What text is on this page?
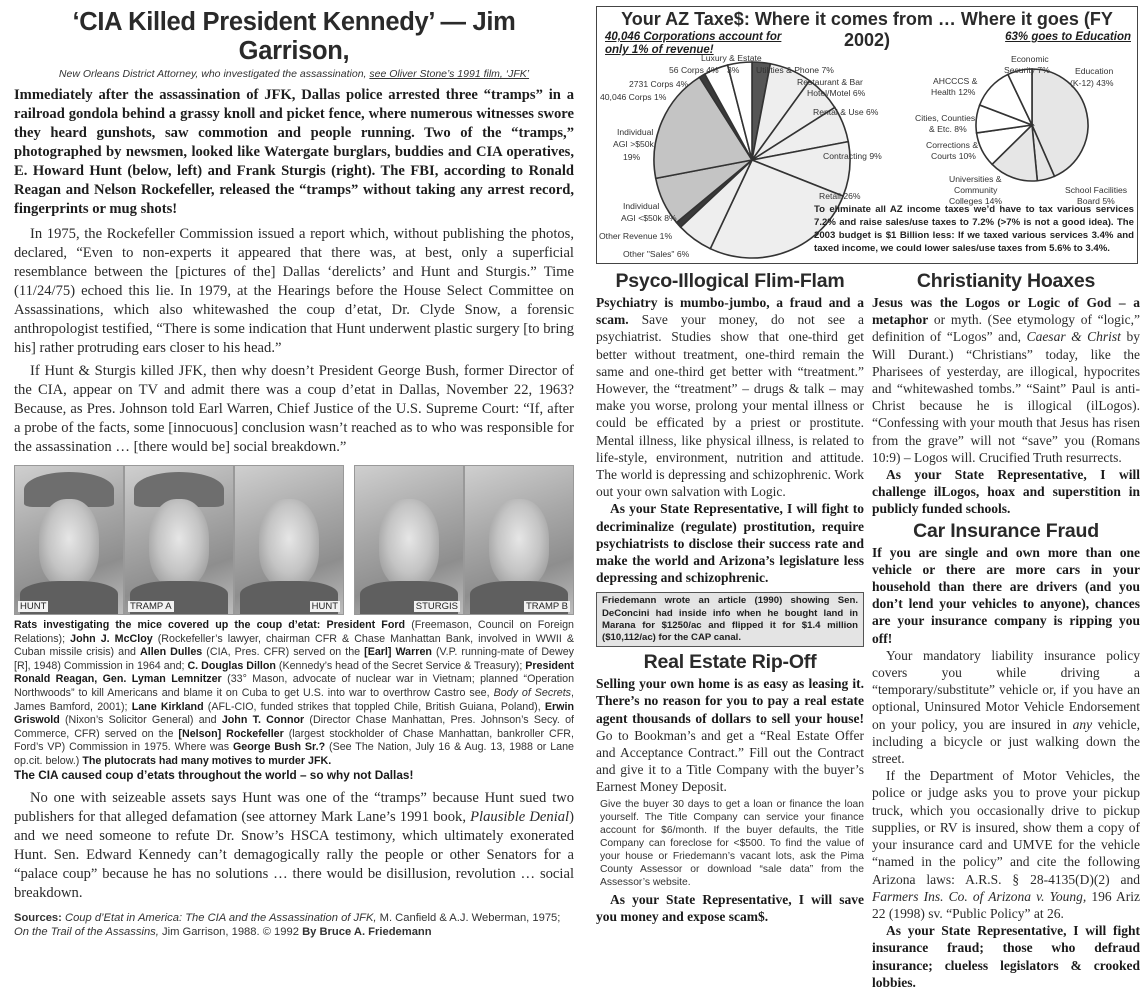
‘CIA Killed President Kennedy’ — Jim Garrison,

New Orleans District Attorney, who investigated the assassination, see Oliver Stone’s 1991 film, ‘JFK’

Immediately after the assassination of JFK, Dallas police arrested three “tramps” in a railroad gondola behind a grassy knoll and picket fence, where numerous witnesses swore they heard gunshots, saw commotion and people running. Two of the “tramps,” photographed by newsmen, looked like Watergate burglars, buddies and CIA operatives, E. Howard Hunt (below, left) and Frank Sturgis (right). The FBI, according to Ronald Reagan and Nelson Rockefeller, released the “tramps” without taking any arrest record, fingerprints or mug shots!

In 1975, the Rockefeller Commission issued a report which, without publishing the photos, declared, “Even to non-experts it appeared that there was, at best, only a superficial resemblance between the [pictures of the] Dallas ‘derelicts’ and Hunt and Sturgis.” Time (11/24/75) echoed this lie. In 1979, at the Hearings before the House Select Committee on Assassinations, which also whitewashed the coup d’etat, Dr. Clyde Snow, a forensic anthropologist testified, “There is some indication that Hunt underwent plastic surgery [to bring his] rather protruding ears closer to his head.”

If Hunt & Sturgis killed JFK, then why doesn’t President George Bush, former Director of the CIA, appear on TV and admit there was a coup d’etat in Dallas, November 22, 1963? Because, as Pres. Johnson told Earl Warren, Chief Justice of the U.S. Supreme Court: “If, after a probe of the facts, some [innocuous] conclusion wasn’t reached as to who was responsible for the assassination … [there would be] social breakdown.”

HUNT	TRAMP A	HUNT	STURGIS	TRAMP B

Rats investigating the mice covered up the coup d’etat: President Ford (Freemason, Council on Foreign Relations); John J. McCloy (Rockefeller’s lawyer, chairman CFR & Chase Manhattan Bank, involved in WWII & Cuban missile crisis) and Allen Dulles (CIA, Pres. CFR) served on the [Earl] Warren (V.P. running-mate of Dewey [R], 1948) Commission in 1964 and; C. Douglas Dillon (Kennedy’s head of the Secret Service & Treasury); President Ronald Reagan, Gen. Lyman Lemnitzer (33° Mason, advocate of nuclear war in Vietnam; planned “Operation Northwoods” to kill Americans and blame it on Cuba to get U.S. into war to overthrow Castro see, Body of Secrets, James Bamford, 2001); Lane Kirkland (AFL-CIO, funded strikes that toppled Chile, British Guiana, Poland), Erwin Griswold (Nixon’s Solicitor General) and John T. Connor (Director Chase Manhattan, Pres. Johnson’s Secy. of Commerce, CFR) served on the [Nelson] Rockefeller (largest stockholder of Chase Manhattan, bankroller CFR, Ford’s VP) Commission in 1975. Where was George Bush Sr.? (See The Nation, July 16 & Aug. 13, 1988 or Lane op.cit. below.) The plutocrats had many motives to murder JFK.
The CIA caused coup d’etats throughout the world – so why not Dallas!

No one with seizeable assets says Hunt was one of the “tramps” because Hunt sued two publishers for that alleged defamation (see attorney Mark Lane’s 1991 book, Plausible Denial) and we need someone to refute Dr. Snow’s HSCA testimony, which ultimately exonerated Hunt. Sen. Edward Kennedy can’t demagogically rally the people or other Senators for a “palace coup” because he has no solutions … there would be disillusion, revolution … social breakdown.

Sources: Coup d’Etat in America: The CIA and the Assassination of JFK, M. Canfield & A.J. Weberman, 1975; On the Trail of the Assassins, Jim Garrison, 1988. © 1992 By Bruce A. Friedemann

Your AZ Taxe$: Where it comes from … Where it goes (FY 2002)
40,046 Corporations account for only 1% of revenue!
63% goes to Education
Luxury & Estate
3%
56 Corps 4%
2731 Corps 4%
40,046 Corps 1%
Utilities & Phone 7%
Restaurant & Bar
Hotel/Motel 6%
Rental & Use 6%
Contracting 9%
Retail 26%
Individual
AGI >$50k
19%
Individual
AGI <$50k 8%
Other Revenue 1%
Other "Sales" 6%
Economic
Security 7%	Education
(K-12) 43%
AHCCCS &
Health 12%
Cities, Counties
& Etc. 8%
Corrections &
Courts 10%
Universities &
Community
Colleges 14%
School Facilities
Board 5%
To eliminate all AZ income taxes we’d have to tax various services 7.2% and raise sales/use taxes to 7.2% (>7% is not a good idea). The 2003 budget is $1 Billion less: If we taxed various services 3.4% and taxed income, we could lower sales/use taxes from 5.6% to 3.4%.
Psyco-Illogical Flim-Flam

Psychiatry is mumbo-jumbo, a fraud and a scam. Save your money, do not see a psychiatrist. Studies show that one-third get better without treatment, one-third remain the same and one-third get better with “treatment.” However, the “treatment” – drugs & talk – may make you worse, prolong your mental illness or could be efficated by a priest or prostitute. Mental illness, like physical illness, is related to life-style, environment, nutrition and attitude. The world is depressing and schizophrenic. Work out your own salvation with Logic.

As your State Representative, I will fight to decriminalize (regulate) prostitution, require psychiatrists to disclose their success rate and make the world and Arizona’s legislature less depressing and schizophrenic.

Friedemann wrote an article (1990) showing Sen. DeConcini had inside info when he bought land in Marana for $1250/ac and flipped it for $1.4 million ($10,112/ac) for the CAP canal.
Real Estate Rip-Off

Selling your own home is as easy as leasing it. There’s no reason for you to pay a real estate agent thousands of dollars to sell your house! Go to Bookman’s and get a “Real Estate Offer and Acceptance Contract.” Fill out the Contract and give it to a Title Company with the buyer’s Earnest Money Deposit.

Give the buyer 30 days to get a loan or finance the loan yourself. The Title Company can service your finance account for $6/month. If the buyer defaults, the Title Company can foreclose for <$500. To find the value of your house or Friedemann’s vacant lots, ask the Pima County Assessor or download “sale data” from the Assessor’s website.

As your State Representative, I will save you money and expose scam$.

Christianity Hoaxes

Jesus was the Logos or Logic of God – a metaphor or myth. (See etymology of “logic,” definition of “Logos” and, Caesar & Christ by Will Durant.) “Christians” today, like the Pharisees of yesterday, are illogical, hypocrites and “whitewashed tombs.” “Saint” Paul is anti-Christ because he is illogical (ilLogos). “Confessing with your mouth that Jesus has risen from the grave” will not “save” you (Romans 10:9) – Logos will. Crucified Truth resurrects.

As your State Representative, I will challenge ilLogos, hoax and superstition in publicly funded schools.

Car Insurance Fraud

If you are single and own more than one vehicle or there are more cars in your household than there are drivers (and you don’t lend your vehicles to anyone), chances are your insurance company is ripping you off!

Your mandatory liability insurance policy covers you while driving a “temporary/substitute” vehicle or, if you have an optional, Uninsured Motor Vehicle Endorsement on your policy, you are insured in any vehicle, including a bicycle or just walking down the street.

If the Department of Motor Vehicles, the police or judge asks you to prove your pickup truck, which you occasionally drive to pickup supplies, or RV is insured, show them a copy of your insurance card and UMVE for the vehicle “named in the policy” and cite the following Arizona laws: A.R.S. § 28-4135(D)(2) and Farmers Ins. Co. of Arizona v. Young, 196 Ariz 22 (1998) sv. “Public Policy” at 26.

As your State Representative, I will fight insurance fraud; those who defraud insurance; clueless legislators & crooked lobbies.
